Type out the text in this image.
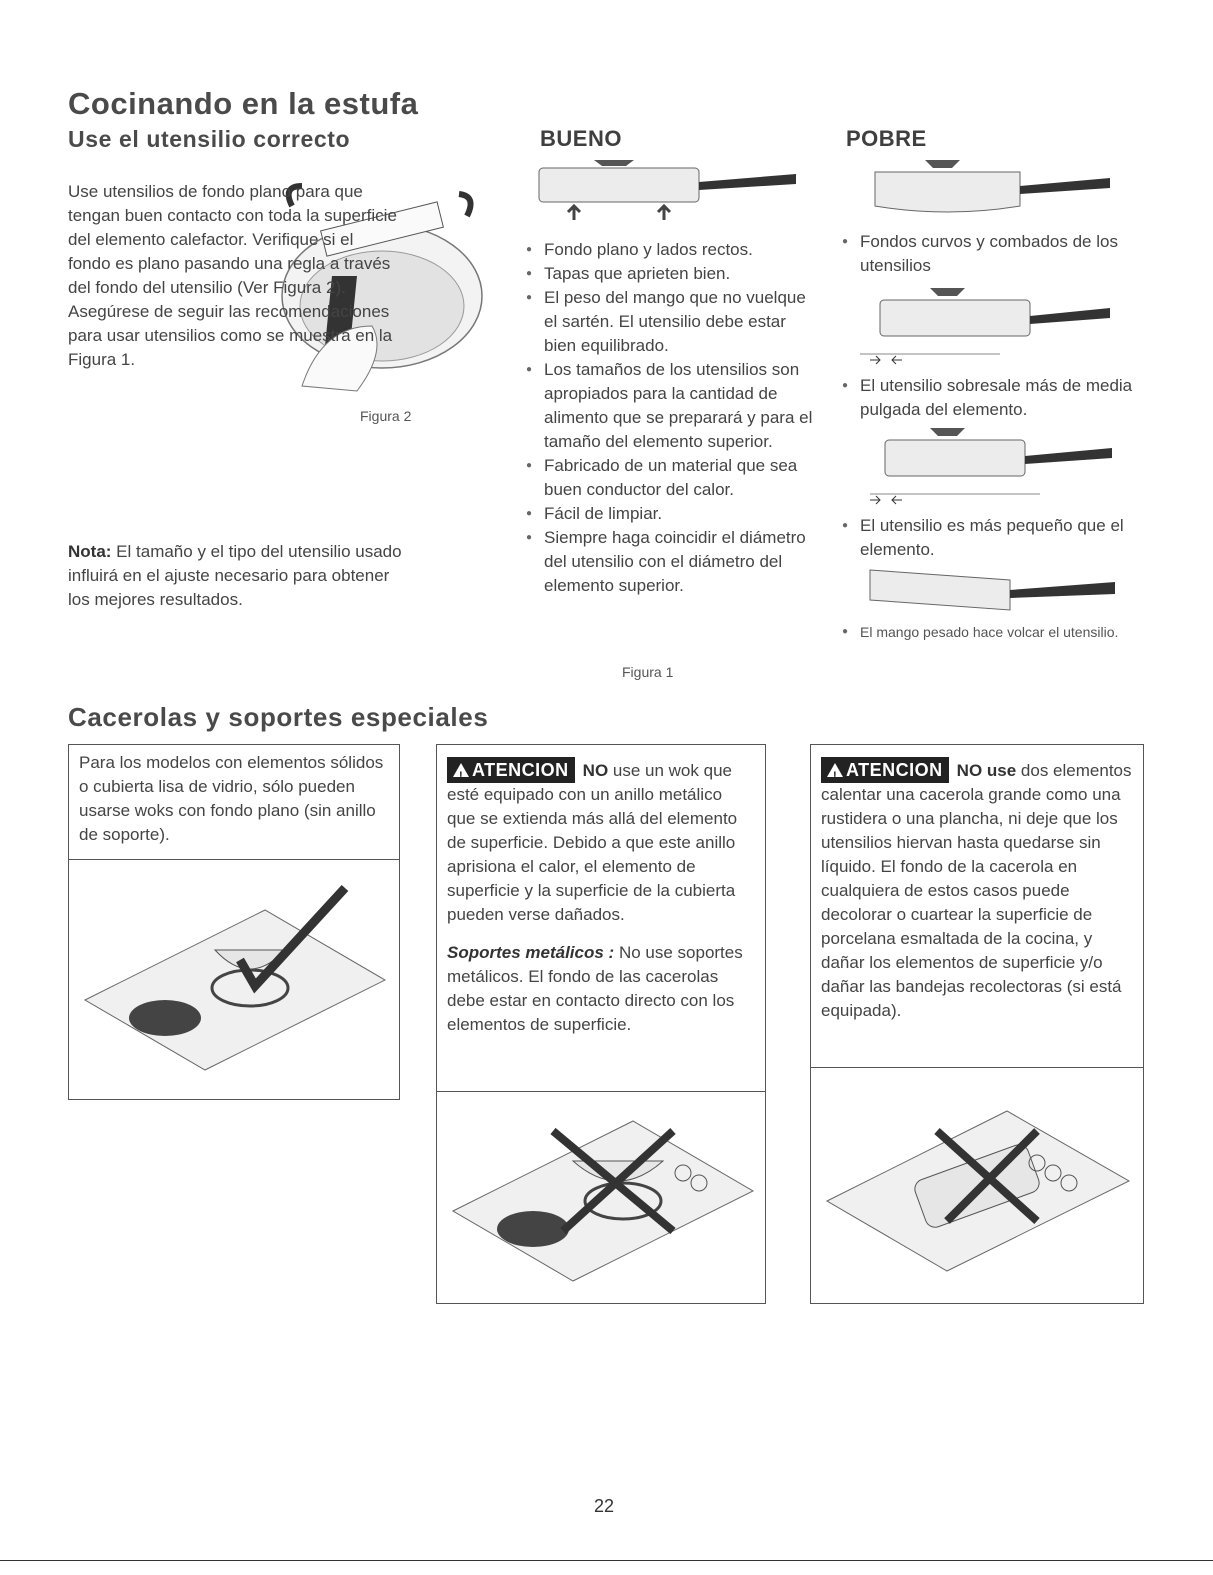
Cocinando en la estufa
Use el utensilio correcto
Figura 2
Use utensilios de fondo plano para que tengan buen contacto con toda la superficie del elemento calefactor. Verifique si el fondo es plano pasando una regla a través del fondo del utensilio (Ver Figura 2). Asegúrese de seguir las recomendaciones para usar utensilios como se muestra en la Figura 1.
Nota: El tamaño y el tipo del utensilio usado influirá en el ajuste necesario para obtener los mejores resultados.
BUENO
● Fondo plano y lados rectos.
● Tapas que aprieten bien.
● El peso del mango que no vuelque el sartén. El utensilio debe estar bien equilibrado.
● Los tamaños de los utensilios son apropiados para la cantidad de alimento que se preparará y para el tamaño del elemento superior.
● Fabricado de un material que sea buen conductor del calor.
● Fácil de limpiar.
● Siempre haga coincidir el diámetro del utensilio con el diámetro del elemento superior.
Figura 1
POBRE
● Fondos curvos y combados de los utensilios
● El utensilio sobresale más de media pulgada del elemento.
● El utensilio es más pequeño que el elemento.
● El mango pesado hace volcar el utensilio.
Cacerolas y soportes especiales
Para los modelos con elementos sólidos o cubierta lisa de vidrio, sólo pueden usarse woks con fondo plano (sin anillo de soporte).
! ATENCION NO use un wok que esté equipado con un anillo metálico que se extienda más allá del elemento de superficie. Debido a que este anillo aprisiona el calor, el elemento de superficie y la superficie de la cubierta pueden verse dañados.
Soportes metálicos : No use soportes metálicos. El fondo de las cacerolas debe estar en contacto directo con los elementos de superficie.
! ATENCION NO use dos elementos calentar una cacerola grande como una rustidera o una plancha, ni deje que los utensilios hiervan hasta quedarse sin líquido. El fondo de la cacerola en cualquiera de estos casos puede decolorar o cuartear la superficie de porcelana esmaltada de la cocina, y dañar los elementos de superficie y/o dañar las bandejas recolectoras (si está equipada).
22
